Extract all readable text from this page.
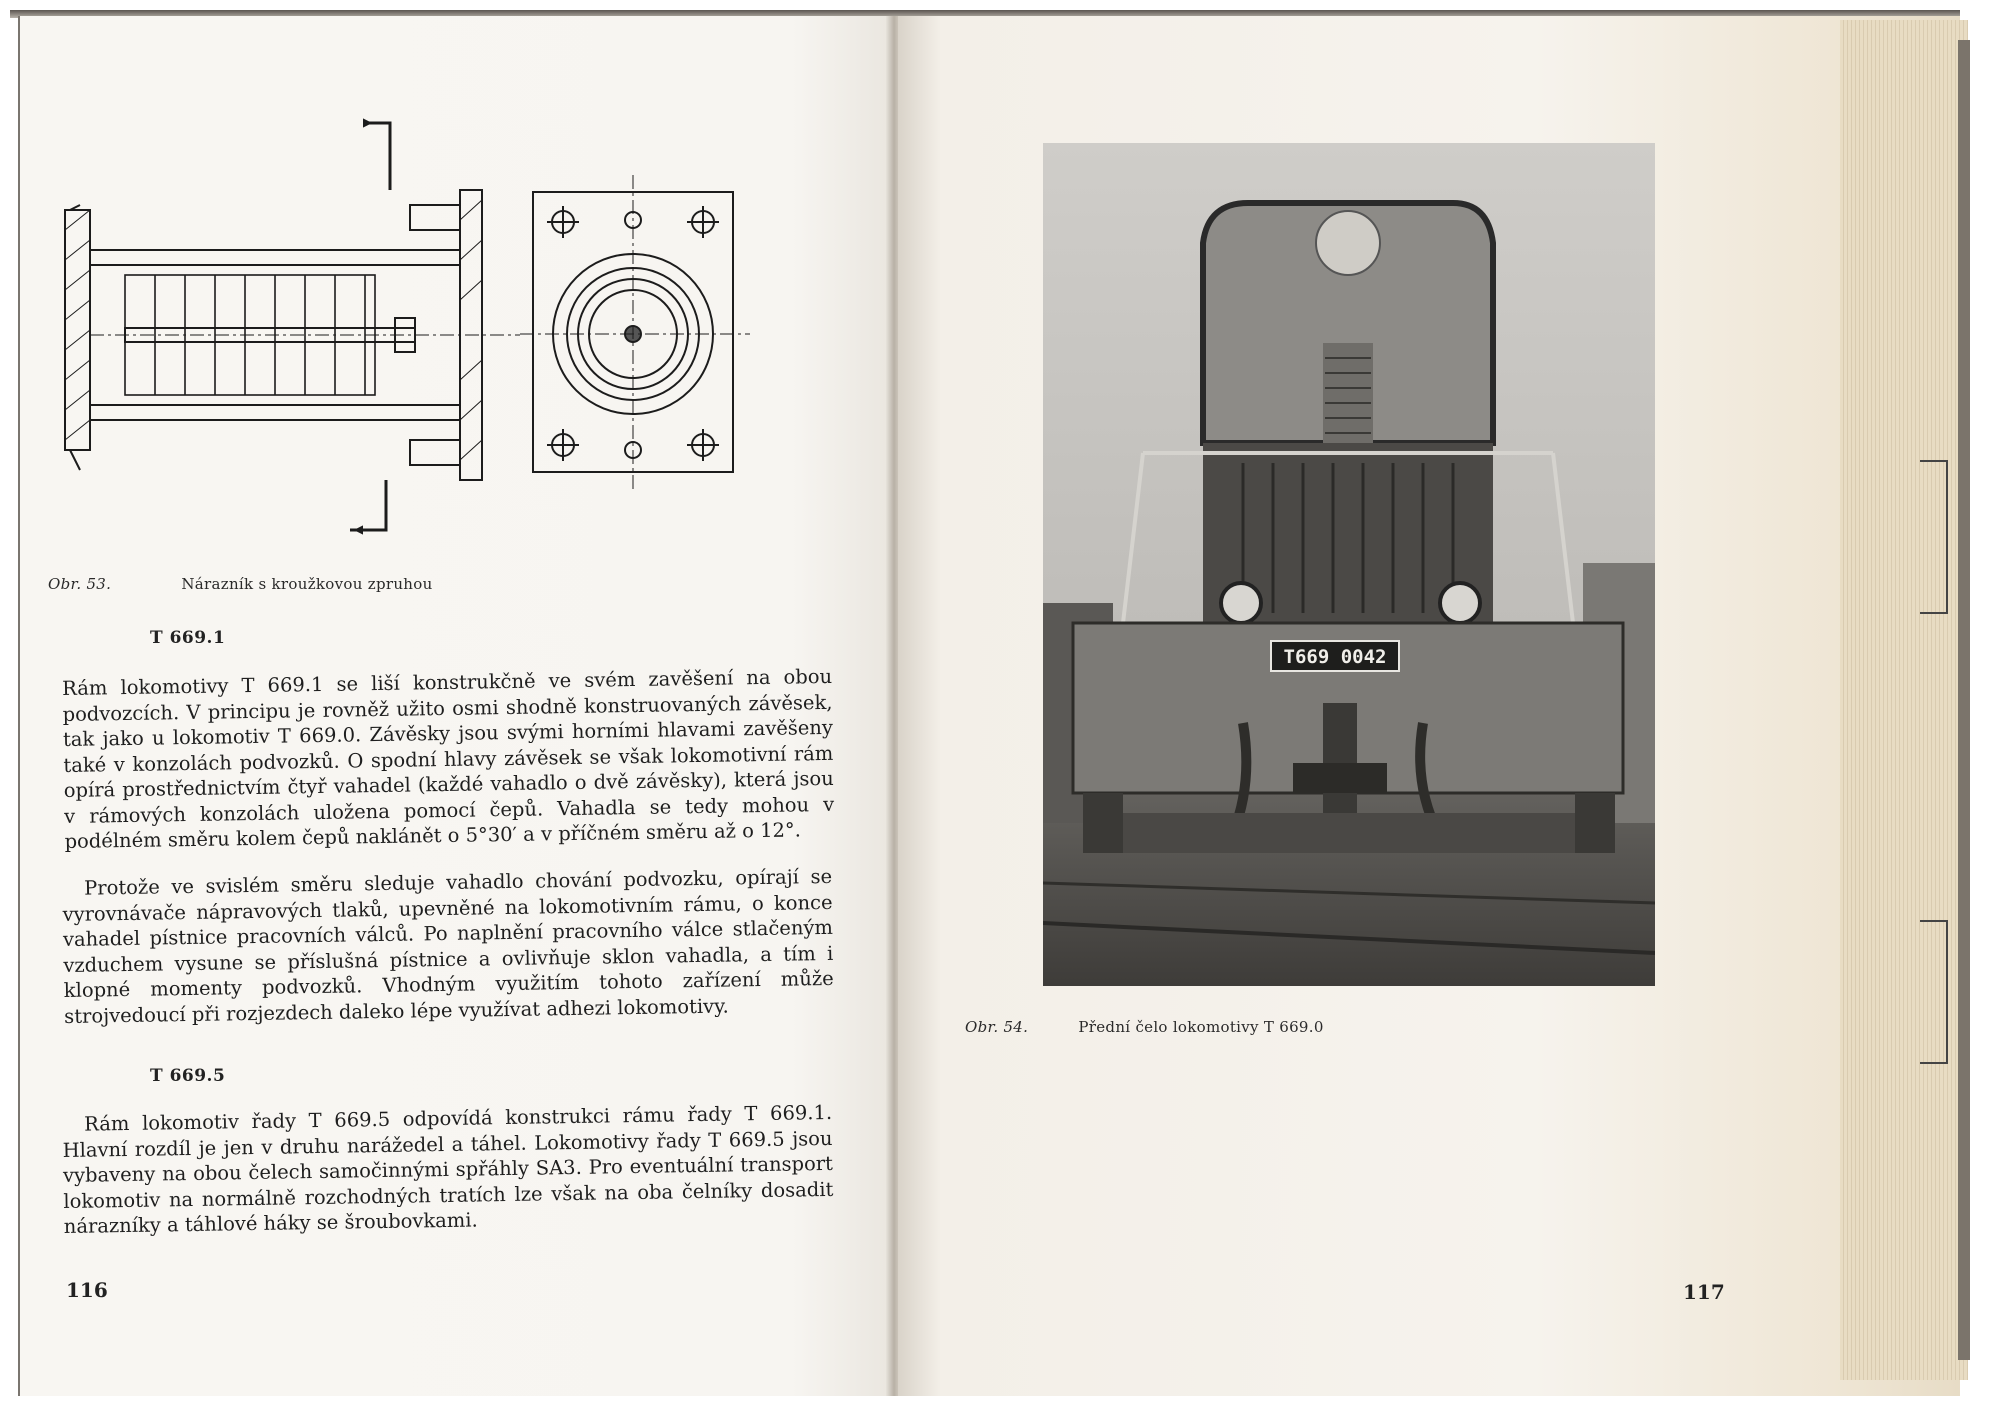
Obr. 53.	Nárazník s kroužkovou zpruhou
T 669.1

Rám lokomotivy T 669.1 se liší konstrukčně ve svém zavěšení na obou podvozcích. V principu je rovněž užito osmi shodně konstruovaných závěsek, tak jako u lokomotiv T 669.0. Závěsky jsou svými horními hlavami zavěšeny také v konzolách podvozků. O spodní hlavy závěsek se však lokomotivní rám opírá prostřednictvím čtyř vahadel (každé vahadlo o dvě závěsky), která jsou v rámových konzolách uložena pomocí čepů. Vahadla se tedy mohou v podélném směru kolem čepů naklánět o 5°30′ a v příčném směru až o 12°.

Protože ve svislém směru sleduje vahadlo chování podvozku, opírají se vyrovnávače nápravových tlaků, upevněné na lokomotivním rámu, o konce vahadel pístnice pracovních válců. Po naplnění pracovního válce stlačeným vzduchem vysune se příslušná pístnice a ovlivňuje sklon vahadla, a tím i klopné momenty podvozků. Vhodným využitím tohoto zařízení může strojvedoucí při rozjezdech daleko lépe využívat adhezi lokomotivy.

T 669.5

Rám lokomotiv řady T 669.5 odpovídá konstrukci rámu řady T 669.1. Hlavní rozdíl je jen v druhu narážedel a táhel. Lokomotivy řady T 669.5 jsou vybaveny na obou čelech samočinnými spřáhly SA3. Pro eventuální transport lokomotiv na normálně rozchodných tratích lze však na oba čelníky dosadit nárazníky a táhlové háky se šroubovkami.

116
T669 0042
Obr. 54.	Přední čelo lokomotivy T 669.0
117
